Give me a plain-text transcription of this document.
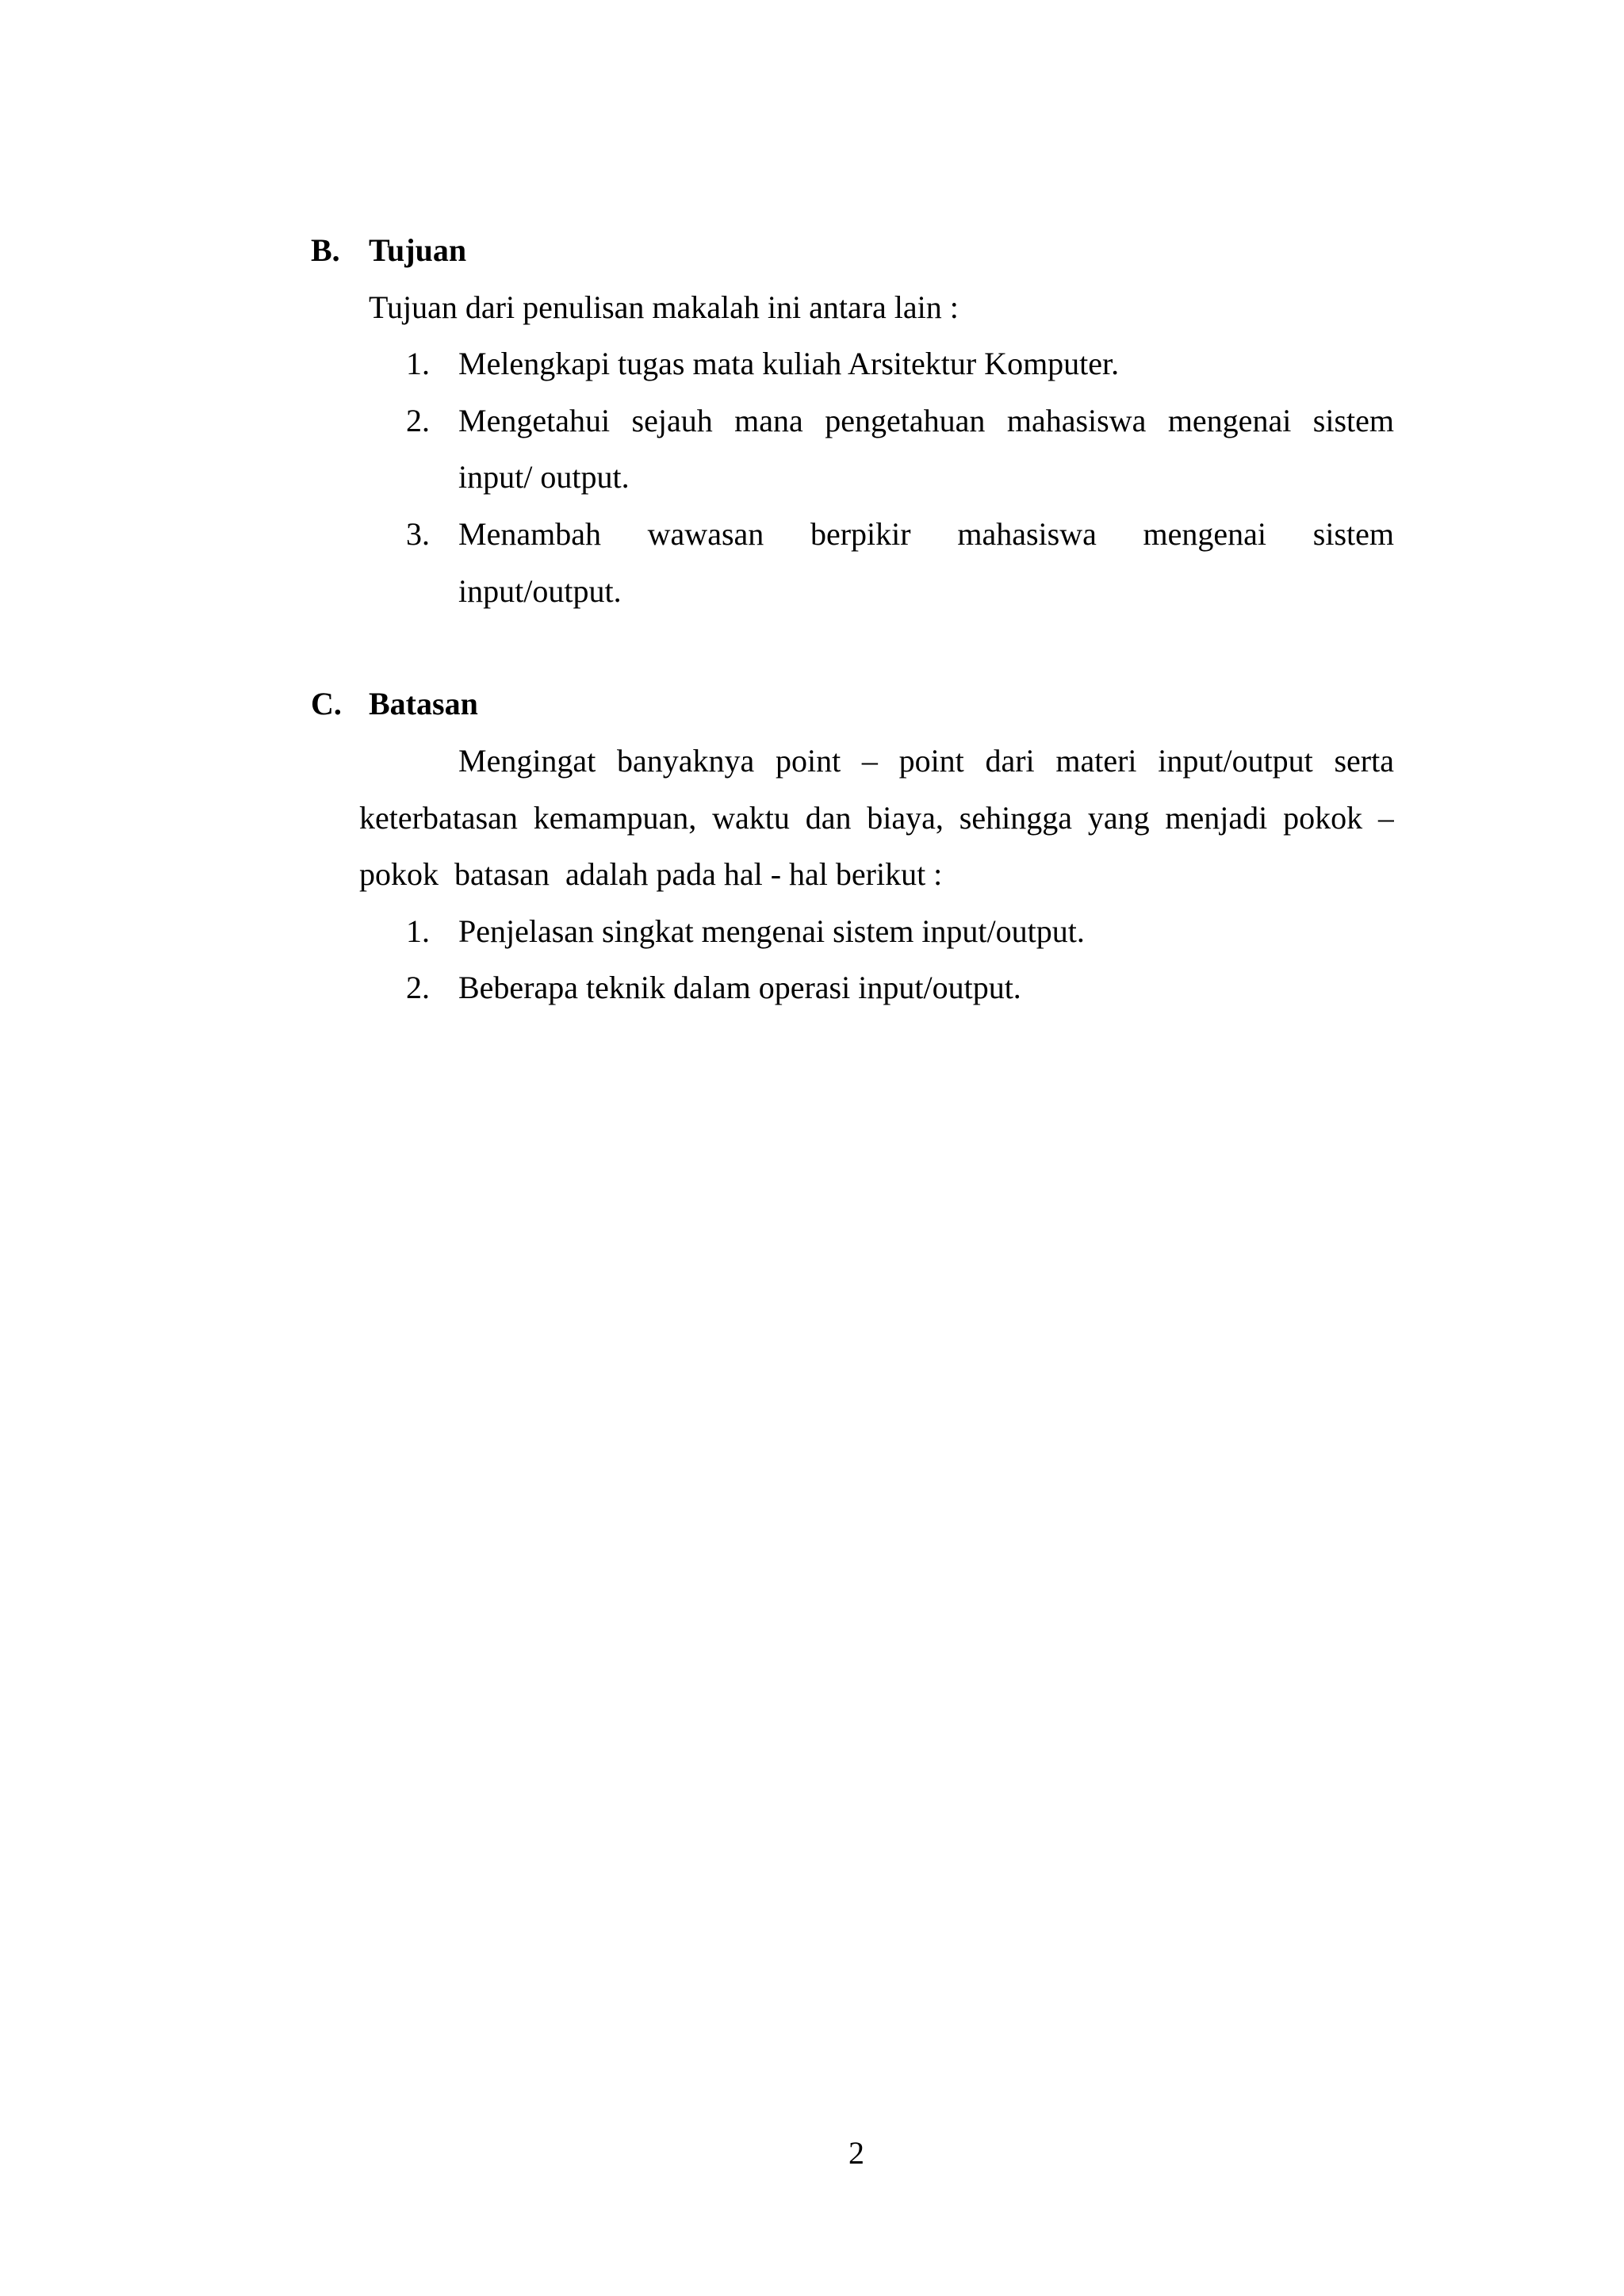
B. Tujuan
Tujuan dari penulisan makalah ini antara lain :
1. Melengkapi tugas mata kuliah Arsitektur Komputer.
2. Mengetahui sejauh mana pengetahuan mahasiswa mengenai sistem
input/ output.
3. Menambah wawasan berpikir mahasiswa mengenai sistem
input/output.
C. Batasan
Mengingat banyaknya point – point dari materi input/output serta
keterbatasan kemampuan, waktu dan biaya, sehingga yang menjadi pokok –
pokok  batasan  adalah pada hal - hal berikut :
1. Penjelasan singkat mengenai sistem input/output.
2. Beberapa teknik dalam operasi input/output.
2
